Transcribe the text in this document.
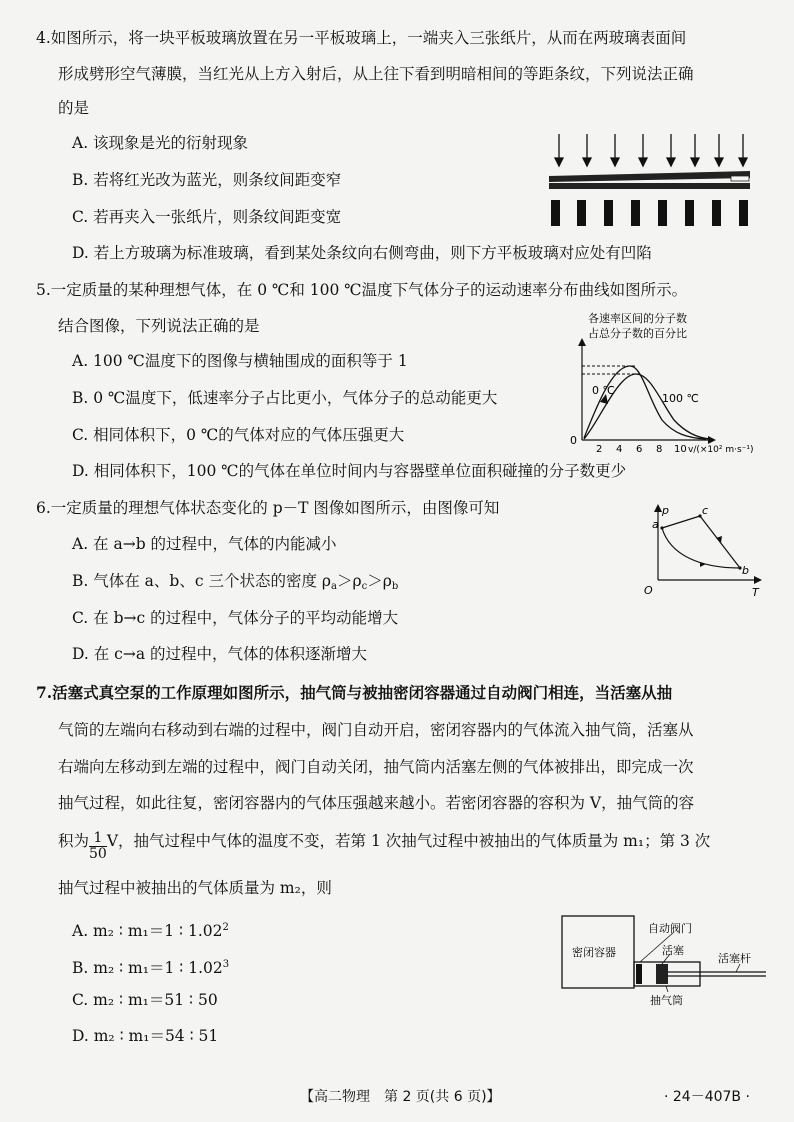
4.如图所示，将一块平板玻璃放置在另一平板玻璃上，一端夹入三张纸片，从而在两玻璃表面间
形成劈形空气薄膜，当红光从上方入射后，从上往下看到明暗相间的等距条纹，下列说法正确
的是
A. 该现象是光的衍射现象
B. 若将红光改为蓝光，则条纹间距变窄
C. 若再夹入一张纸片，则条纹间距变宽
D. 若上方玻璃为标准玻璃，看到某处条纹向右侧弯曲，则下方平板玻璃对应处有凹陷
5.一定质量的某种理想气体，在 0 ℃和 100 ℃温度下气体分子的运动速率分布曲线如图所示。
结合图像，下列说法正确的是
A. 100 ℃温度下的图像与横轴围成的面积等于 1
B. 0 ℃温度下，低速率分子占比更小，气体分子的总动能更大
C. 相同体积下，0 ℃的气体对应的气体压强更大
D. 相同体积下，100 ℃的气体在单位时间内与容器壁单位面积碰撞的分子数更少
各速率区间的分子数
占总分子数的百分比
0
2 4 6 8 10 v/(×10² m·s⁻¹)
0 ℃
100 ℃
6.一定质量的理想气体状态变化的 p－T 图像如图所示，由图像可知
A. 在 a→b 的过程中，气体的内能减小
B. 气体在 a、b、c 三个状态的密度 $\rho_a>\rho_c>\rho_b$
C. 在 b→c 的过程中，气体分子的平均动能增大
D. 在 c→a 的过程中，气体的体积逐渐增大
p
T
O
a
c
b
7.活塞式真空泵的工作原理如图所示，抽气筒与被抽密闭容器通过自动阀门相连，当活塞从抽
气筒的左端向右移动到右端的过程中，阀门自动开启，密闭容器内的气体流入抽气筒，活塞从
右端向左移动到左端的过程中，阀门自动关闭，抽气筒内活塞左侧的气体被排出，即完成一次
抽气过程，如此往复，密闭容器内的气体压强越来越小。若密闭容器的容积为 V，抽气筒的容
积为 $\frac{1}{50}$ V，抽气过程中气体的温度不变，若第 1 次抽气过程中被抽出的气体质量为 m₁；第 3 次
抽气过程中被抽出的气体质量为 m₂，则
A. m₂ ∶ m₁＝1 ∶ 1.02$^2$
B. m₂ ∶ m₁＝1 ∶ 1.02$^3$
C. m₂ ∶ m₁＝51 ∶ 50
D. m₂ ∶ m₁＝54 ∶ 51
密闭容器
自动阀门
活塞
活塞杆
抽气筒
【高二物理　第 2 页(共 6 页)】	· 24－407B ·
